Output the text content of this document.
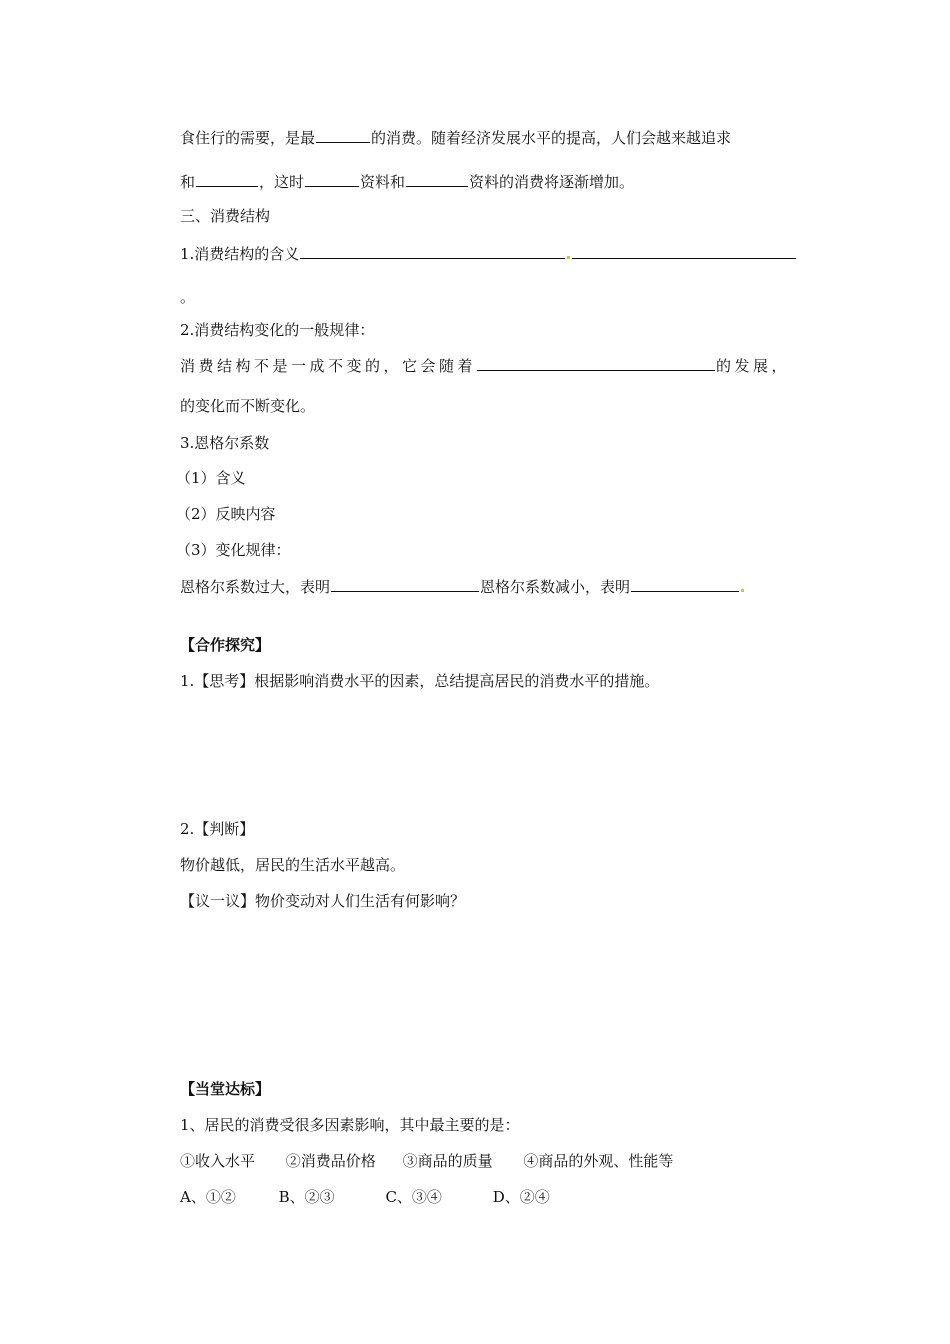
食住行的需要，是最	的消费。随着经济发展水平的提高，人们会越来越追求
和	，这时	资料和	资料的消费将逐渐增加。
三、消费结构
1.消费结构的含义
。
2.消费结构变化的一般规律：
消费结构不是一成不变的，它会随着	的发展，
的变化而不断变化。
3.恩格尔系数
（1）含义
（2）反映内容
（3）变化规律：
恩格尔系数过大，表明	恩格尔系数减小，表明
【合作探究】
1.【思考】根据影响消费水平的因素，总结提高居民的消费水平的措施。
2.【判断】
物价越低，居民的生活水平越高。
【议一议】物价变动对人们生活有何影响？
【当堂达标】
1、居民的消费受很多因素影响，其中最主要的是：
①收入水平 ②消费品价格 ③商品的质量 ④商品的外观、性能等
A、①②	B、②③	C、③④	D、②④
